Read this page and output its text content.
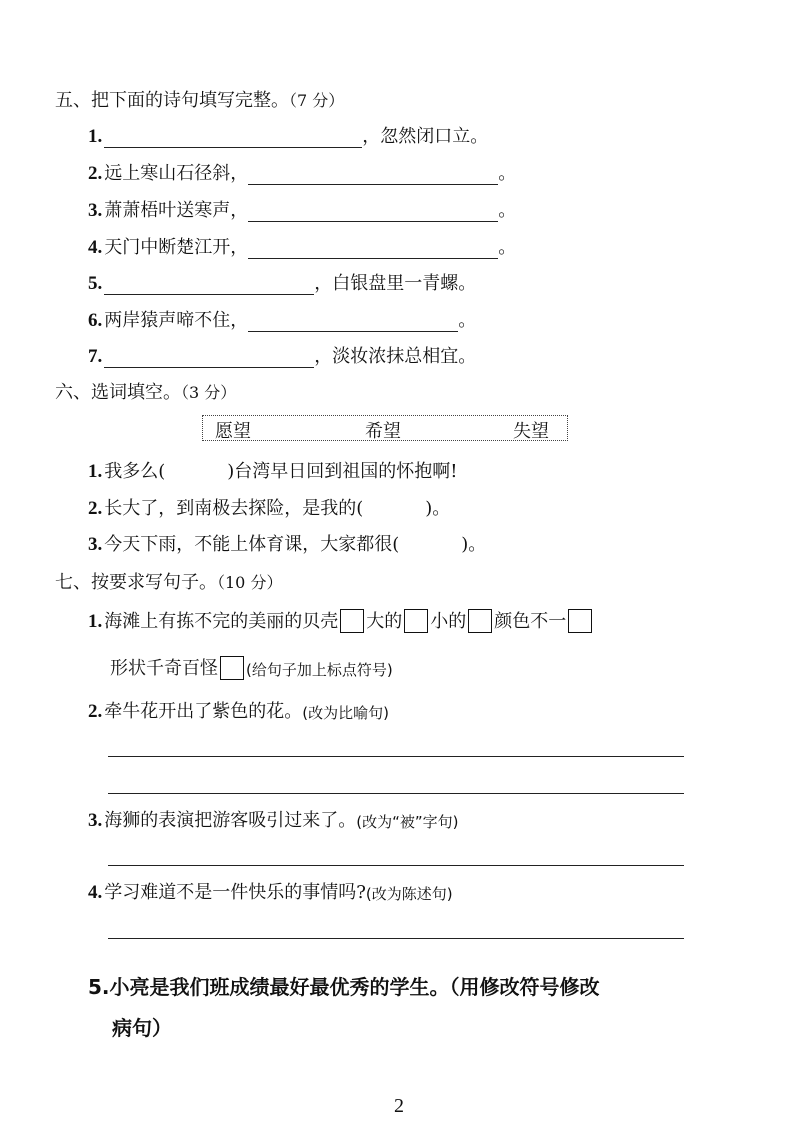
五、把下面的诗句填写完整。（7 分）
1.	，忽然闭口立。
2. 远上寒山石径斜，	。
3. 萧萧梧叶送寒声，	。
4. 天门中断楚江开，	。
5.	，白银盘里一青螺。
6. 两岸猿声啼不住，	。
7.	，淡妆浓抹总相宜。
六、选词填空。（3 分）
愿望	希望	失望
1. 我多么(	)台湾早日回到祖国的怀抱啊!
2. 长大了，到南极去探险，是我的(	)。
3. 今天下雨，不能上体育课，大家都很(	)。
七、按要求写句子。（10 分）
1. 海滩上有拣不完的美丽的贝壳 大的 小的 颜色不一
形状千奇百怪 (给句子加上标点符号)
2. 牵牛花开出了紫色的花。 (改为比喻句)
3. 海狮的表演把游客吸引过来了。 (改为“被”字句)
4. 学习难道不是一件快乐的事情吗? (改为陈述句)
5.小亮是我们班成绩最好最优秀的学生。（用修改符号修改
病句）
2
